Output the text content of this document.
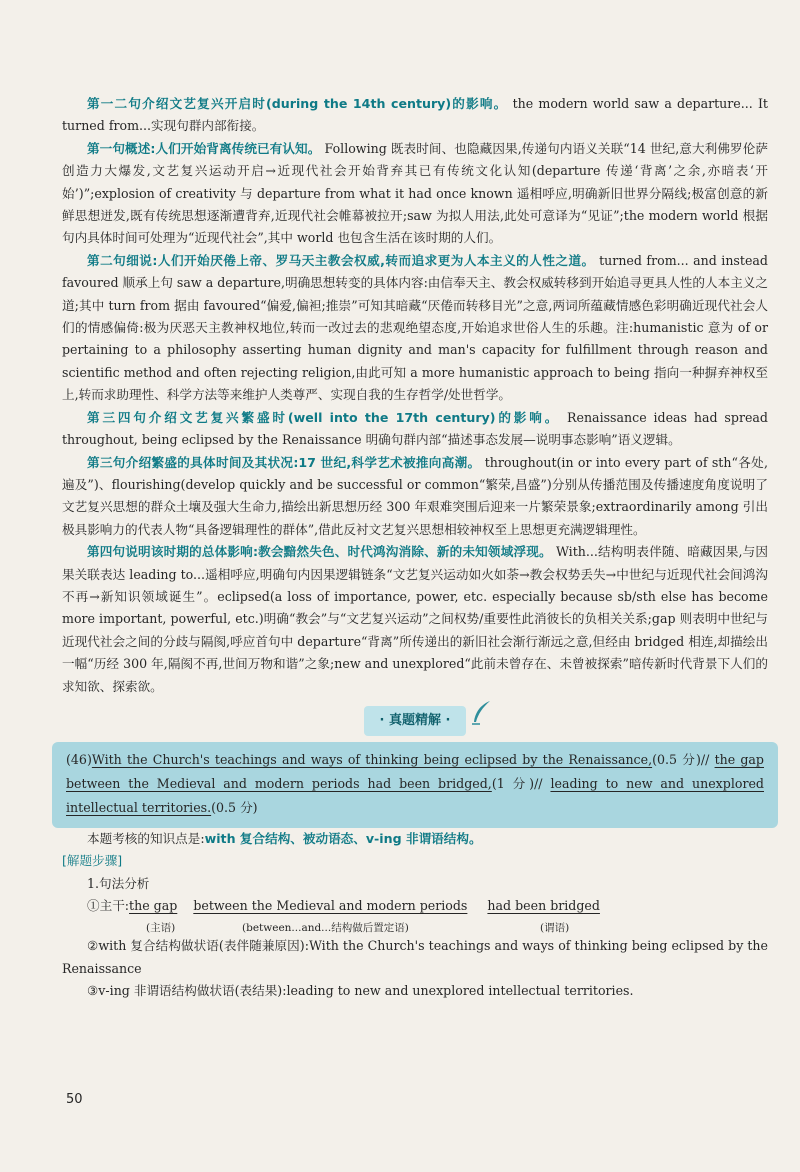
第一二句介绍文艺复兴开启时(during the 14th century)的影响。 the modern world saw a departure... It turned from...实现句群内部衔接。

第一句概述:人们开始背离传统已有认知。 Following 既表时间、也隐藏因果,传递句内语义关联“14 世纪,意大利佛罗伦萨创造力大爆发,文艺复兴运动开启→近现代社会开始背弃其已有传统文化认知(departure 传递‘背离’之余,亦暗表‘开始’)”;explosion of creativity 与 departure from what it had once known 遥相呼应,明确新旧世界分隔线;极富创意的新鲜思想迸发,既有传统思想逐渐遭背弃,近现代社会帷幕被拉开;saw 为拟人用法,此处可意译为“见证”;the modern world 根据句内具体时间可处理为“近现代社会”,其中 world 也包含生活在该时期的人们。

第二句细说:人们开始厌倦上帝、罗马天主教会权威,转而追求更为人本主义的人性之道。 turned from... and instead favoured 顺承上句 saw a departure,明确思想转变的具体内容:由信奉天主、教会权威转移到开始追寻更具人性的人本主义之道;其中 turn from 据由 favoured“偏爱,偏袒;推崇”可知其暗藏“厌倦而转移目光”之意,两词所蕴藏情感色彩明确近现代社会人们的情感偏倚:极为厌恶天主教神权地位,转而一改过去的悲观绝望态度,开始追求世俗人生的乐趣。注:humanistic 意为 of or pertaining to a philosophy asserting human dignity and man's capacity for fulfillment through reason and scientific method and often rejecting religion,由此可知 a more humanistic approach to being 指向一种摒弃神权至上,转而求助理性、科学方法等来维护人类尊严、实现自我的生存哲学/处世哲学。

第三四句介绍文艺复兴繁盛时(well into the 17th century)的影响。 Renaissance ideas had spread throughout, being eclipsed by the Renaissance 明确句群内部“描述事态发展—说明事态影响”语义逻辑。

第三句介绍繁盛的具体时间及其状况:17 世纪,科学艺术被推向高潮。 throughout(in or into every part of sth“各处,遍及”)、flourishing(develop quickly and be successful or common“繁荣,昌盛”)分别从传播范围及传播速度角度说明了文艺复兴思想的群众土壤及强大生命力,描绘出新思想历经 300 年艰难突围后迎来一片繁荣景象;extraordinarily among 引出极具影响力的代表人物“具备逻辑理性的群体”,借此反衬文艺复兴思想相较神权至上思想更充满逻辑理性。

第四句说明该时期的总体影响:教会黯然失色、时代鸿沟消除、新的未知领域浮现。 With...结构明表伴随、暗藏因果,与因果关联表达 leading to...遥相呼应,明确句内因果逻辑链条“文艺复兴运动如火如荼→教会权势丢失→中世纪与近现代社会间鸿沟不再→新知识领域诞生”。eclipsed(a loss of importance, power, etc. especially because sb/sth else has become more important, powerful, etc.)明确“教会”与“文艺复兴运动”之间权势/重要性此消彼长的负相关关系;gap 则表明中世纪与近现代社会之间的分歧与隔阂,呼应首句中 departure“背离”所传递出的新旧社会渐行渐远之意,但经由 bridged 相连,却描绘出一幅“历经 300 年,隔阂不再,世间万物和谐”之象;new and unexplored“此前未曾存在、未曾被探索”暗传新时代背景下人们的求知欲、探索欲。

· 真题精解 ·
(46)With the Church's teachings and ways of thinking being eclipsed by the Renaissance,(0.5 分)// the gap between the Medieval and modern periods had been bridged,(1 分)// leading to new and unexplored intellectual territories.(0.5 分)

本题考核的知识点是:with 复合结构、被动语态、v-ing 非谓语结构。

[解题步骤]

1.句法分析

①主干:the gap between the Medieval and modern periods had been bridged

(主语)	(between...and...结构做后置定语)	(谓语)

②with 复合结构做状语(表伴随兼原因):With the Church's teachings and ways of thinking being eclipsed by the Renaissance

③v-ing 非谓语结构做状语(表结果):leading to new and unexplored intellectual territories.

50
